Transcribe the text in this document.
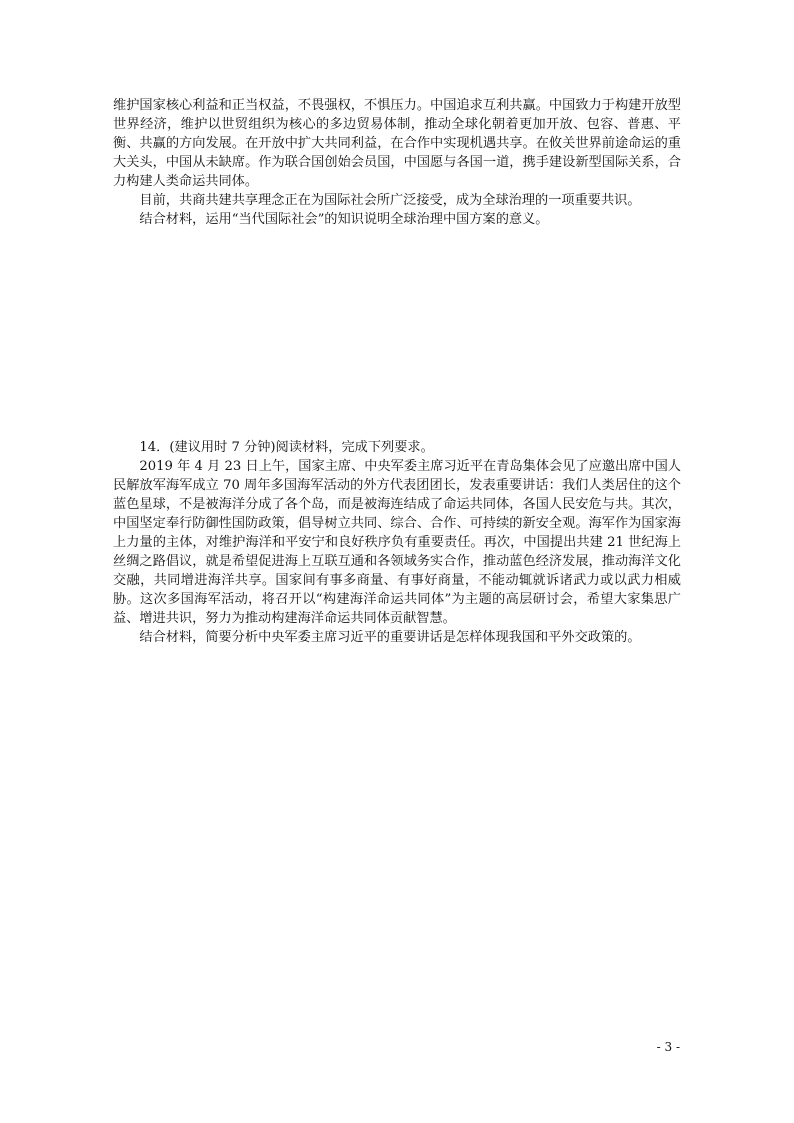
维护国家核心利益和正当权益，不畏强权，不惧压力。中国追求互利共赢。中国致力于构建开放型世界经济，维护以世贸组织为核心的多边贸易体制，推动全球化朝着更加开放、包容、普惠、平衡、共赢的方向发展。在开放中扩大共同利益，在合作中实现机遇共享。在攸关世界前途命运的重大关头，中国从未缺席。作为联合国创始会员国，中国愿与各国一道，携手建设新型国际关系，合力构建人类命运共同体。

目前，共商共建共享理念正在为国际社会所广泛接受，成为全球治理的一项重要共识。

结合材料，运用“当代国际社会”的知识说明全球治理中国方案的意义。

14．(建议用时 7 分钟)阅读材料，完成下列要求。

2019 年 4 月 23 日上午，国家主席、中央军委主席习近平在青岛集体会见了应邀出席中国人民解放军海军成立 70 周年多国海军活动的外方代表团团长，发表重要讲话：我们人类居住的这个蓝色星球，不是被海洋分成了各个岛，而是被海连结成了命运共同体，各国人民安危与共。其次，中国坚定奉行防御性国防政策，倡导树立共同、综合、合作、可持续的新安全观。海军作为国家海上力量的主体，对维护海洋和平安宁和良好秩序负有重要责任。再次，中国提出共建 21 世纪海上丝绸之路倡议，就是希望促进海上互联互通和各领域务实合作，推动蓝色经济发展，推动海洋文化交融，共同增进海洋共享。国家间有事多商量、有事好商量，不能动辄就诉诸武力或以武力相威胁。这次多国海军活动，将召开以“构建海洋命运共同体”为主题的高层研讨会，希望大家集思广益、增进共识，努力为推动构建海洋命运共同体贡献智慧。

结合材料，简要分析中央军委主席习近平的重要讲话是怎样体现我国和平外交政策的。

- 3 -
